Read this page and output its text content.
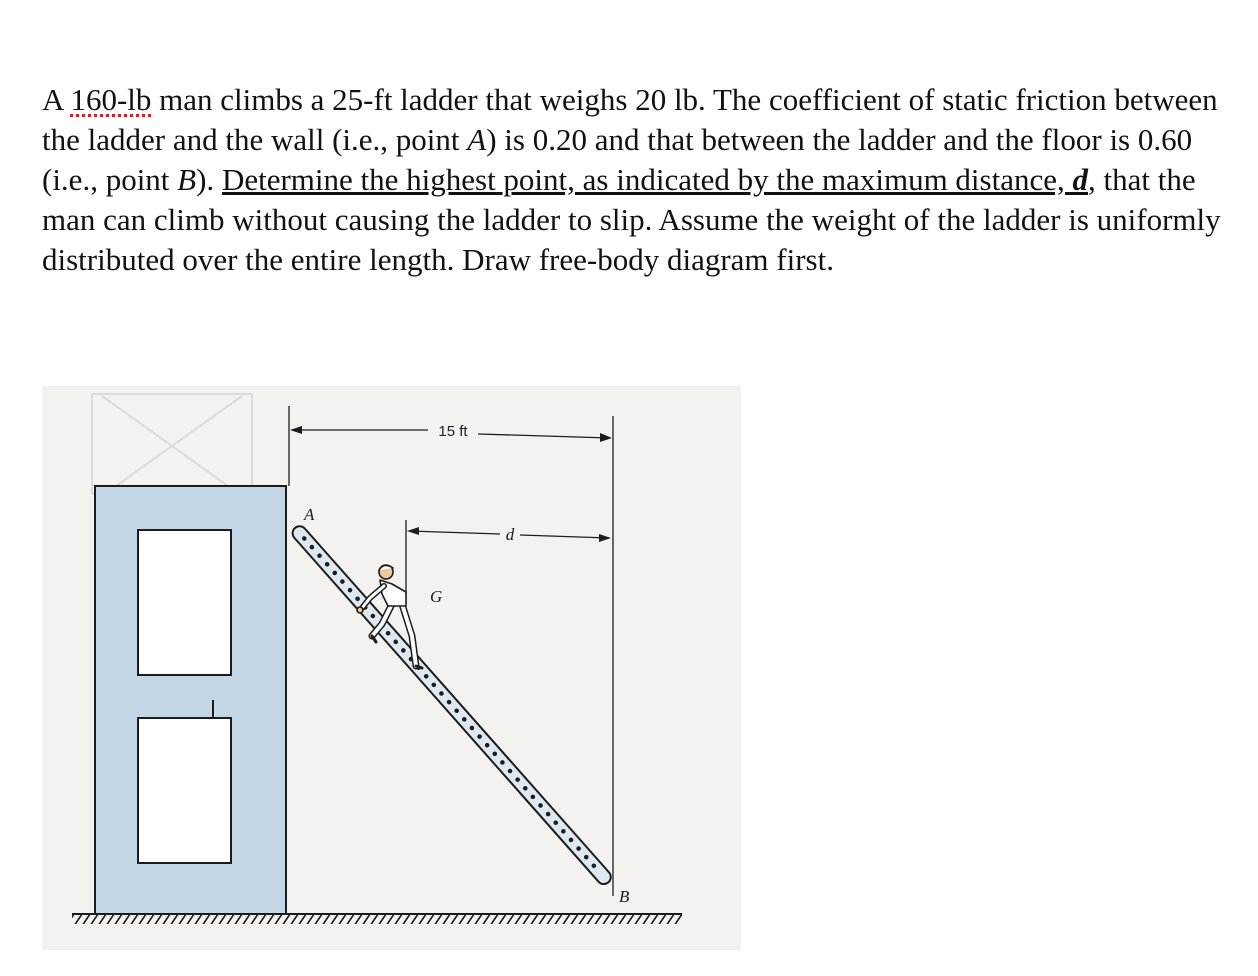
A 160-lb man climbs a 25-ft ladder that weighs 20 lb. The coefficient of static friction between the ladder and the wall (i.e., point A) is 0.20 and that between the ladder and the floor is 0.60 (i.e., point B). Determine the highest point, as indicated by the maximum distance, d, that the man can climb without causing the ladder to slip. Assume the weight of the ladder is uniformly distributed over the entire length. Draw free-body diagram first.

15 ft
d
A
G
B
